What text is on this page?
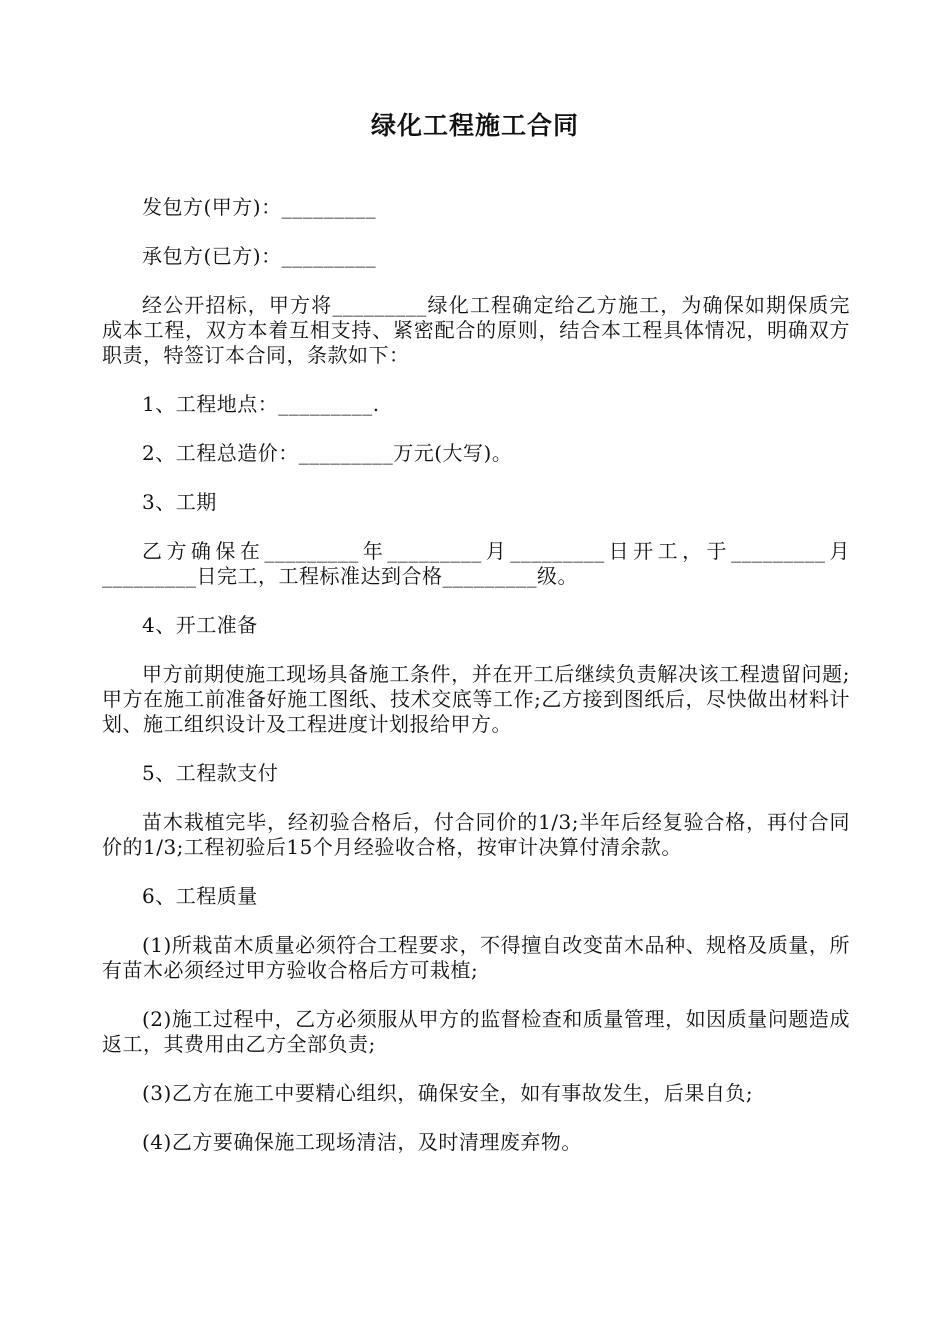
绿化工程施工合同

发包方(甲方)：_________

承包方(已方)：_________

经公开招标，甲方将_________绿化工程确定给乙方施工，为确保如期保质完成本工程，双方本着互相支持、紧密配合的原则，结合本工程具体情况，明确双方职责，特签订本合同，条款如下：

1、工程地点：_________.

2、工程总造价：_________万元(大写)。

3、工期

乙方确保在_________年_________月_________日开工，于_________月_________日完工，工程标准达到合格_________级。

4、开工准备

甲方前期使施工现场具备施工条件，并在开工后继续负责解决该工程遗留问题;甲方在施工前准备好施工图纸、技术交底等工作;乙方接到图纸后，尽快做出材料计划、施工组织设计及工程进度计划报给甲方。

5、工程款支付

苗木栽植完毕，经初验合格后，付合同价的1/3;半年后经复验合格，再付合同价的1/3;工程初验后15个月经验收合格，按审计决算付清余款。

6、工程质量

(1)所栽苗木质量必须符合工程要求，不得擅自改变苗木品种、规格及质量，所有苗木必须经过甲方验收合格后方可栽植;

(2)施工过程中，乙方必须服从甲方的监督检查和质量管理，如因质量问题造成返工，其费用由乙方全部负责;

(3)乙方在施工中要精心组织，确保安全，如有事故发生，后果自负;

(4)乙方要确保施工现场清洁，及时清理废弃物。
